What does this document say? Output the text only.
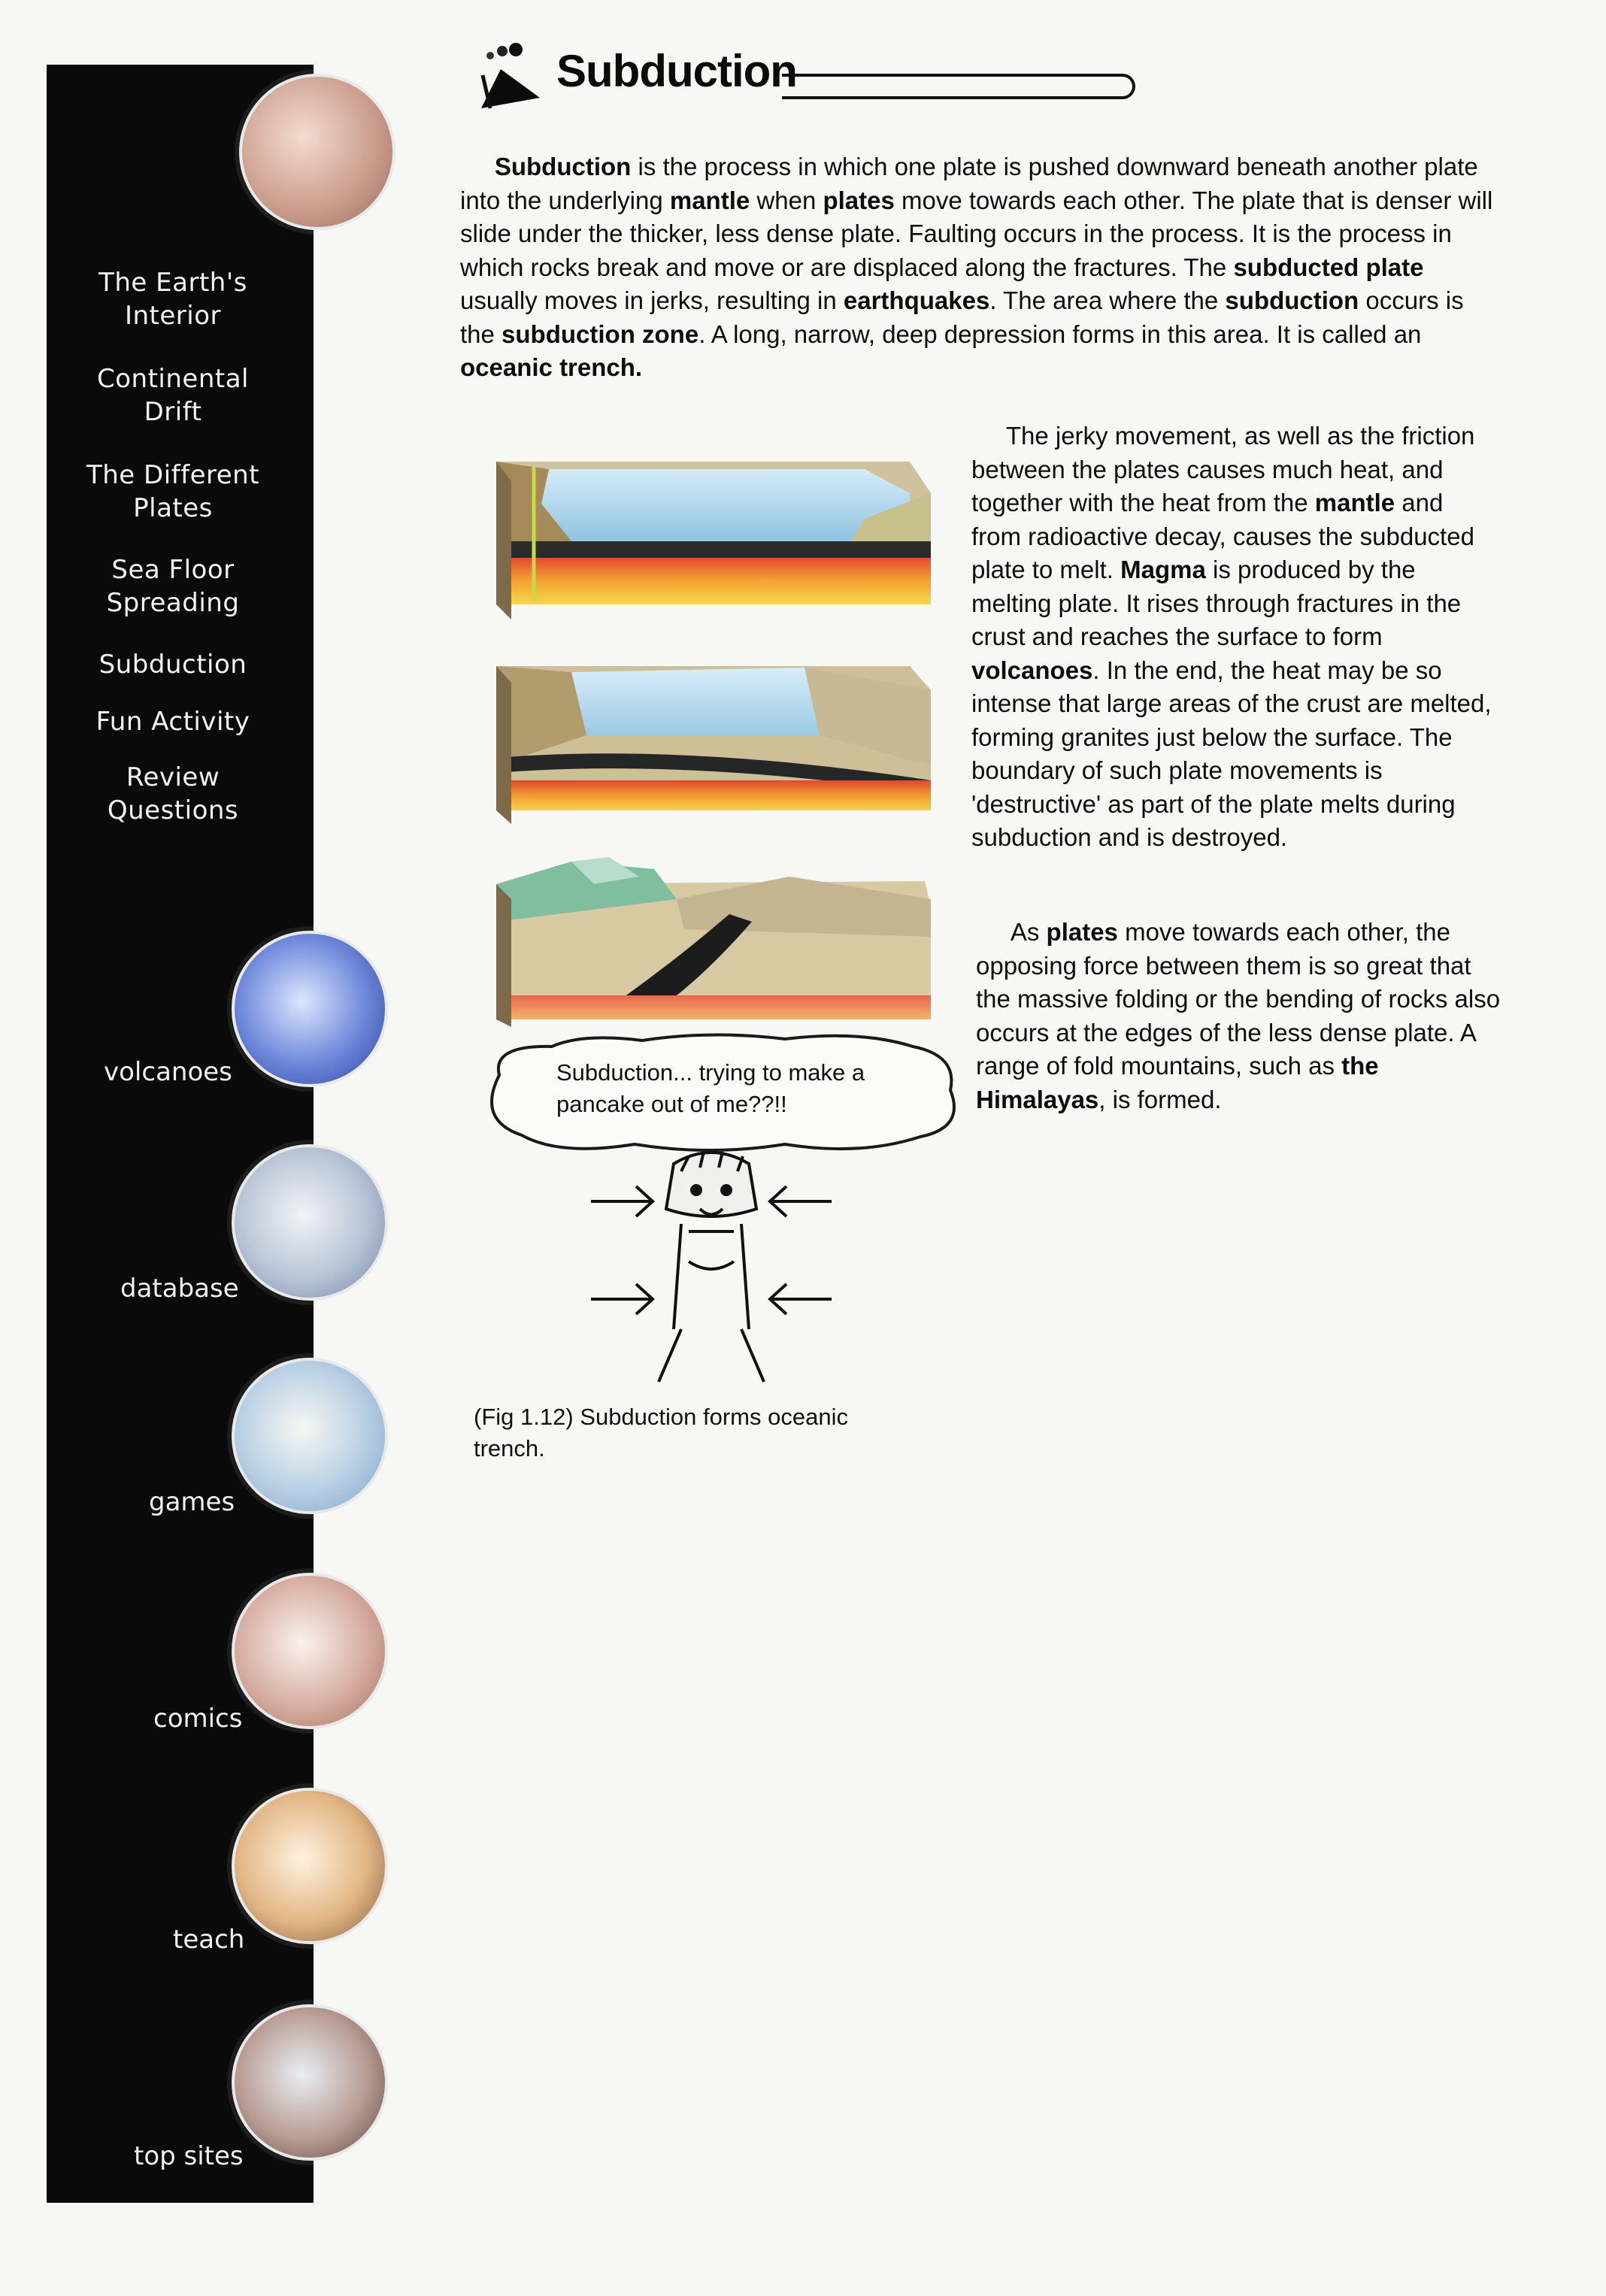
The Earth's
Interior
Continental
Drift
The Different
Plates
Sea Floor
Spreading
Subduction
Fun Activity
Review
Questions
volcanoes
database
games
comics
teach
top sites
Subduction
Subduction is the process in which one plate is pushed downward beneath another plate into the underlying mantle when plates move towards each other. The plate that is denser will slide under the thicker, less dense plate. Faulting occurs in the process. It is the process in which rocks break and move or are displaced along the fractures. The subducted plate usually moves in jerks, resulting in earthquakes. The area where the subduction occurs is the subduction zone. A long, narrow, deep depression forms in this area. It is called an oceanic trench.
The jerky movement, as well as the friction between the plates causes much heat, and together with the heat from the mantle and from radioactive decay, causes the subducted plate to melt. Magma is produced by the melting plate. It rises through fractures in the crust and reaches the surface to form volcanoes. In the end, the heat may be so intense that large areas of the crust are melted, forming granites just below the surface. The boundary of such plate movements is 'destructive' as part of the plate melts during subduction and is destroyed.
As plates move towards each other, the opposing force between them is so great that the massive folding or the bending of rocks also occurs at the edges of the less dense plate. A range of fold mountains, such as the Himalayas, is formed.
Subduction... trying to make a pancake out of me??!!
(Fig 1.12) Subduction forms oceanic trench.
